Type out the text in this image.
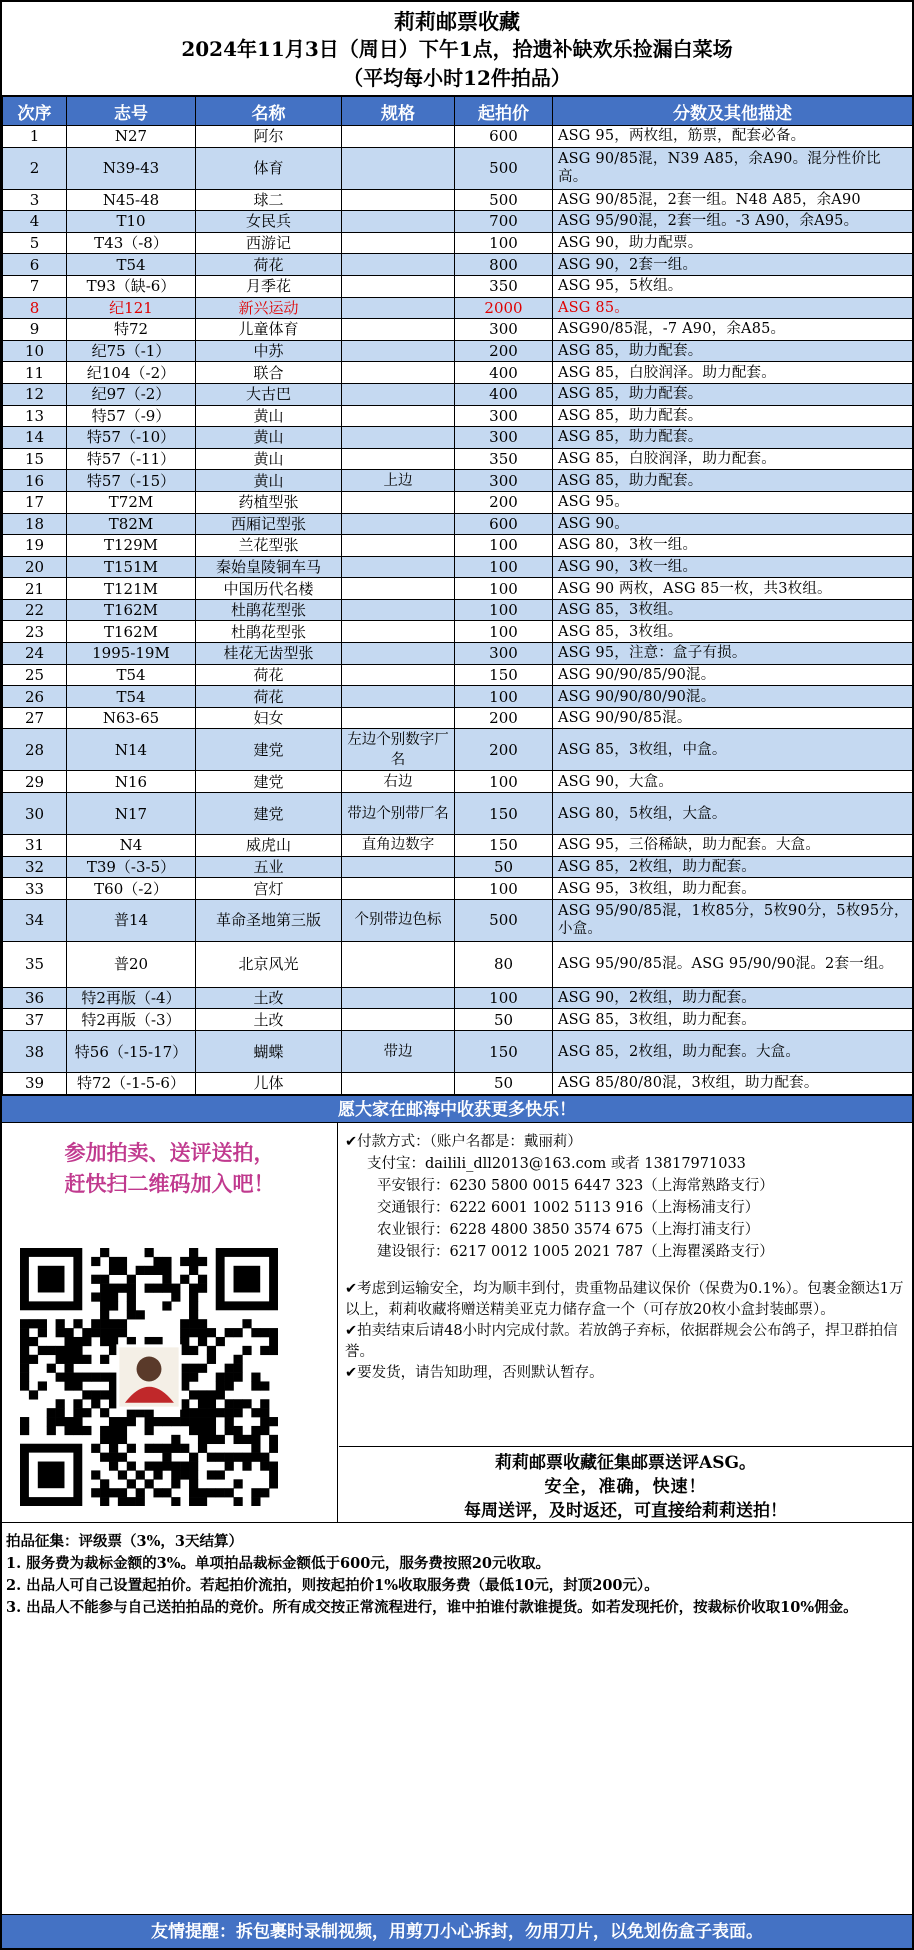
莉莉邮票收藏
2024年11月3日（周日）下午1点，拾遗补缺欢乐捡漏白菜场
（平均每小时12件拍品）
次序	志号	名称	规格	起拍价	分数及其他描述
1	N27	阿尔		600	ASG 95，两枚组，筋票，配套必备。
2	N39-43	体育		500	ASG 90/85混，N39 A85，余A90。混分性价比高。
3	N45-48	球二		500	ASG 90/85混，2套一组。N48 A85，余A90
4	T10	女民兵		700	ASG 95/90混，2套一组。-3 A90，余A95。
5	T43（-8）	西游记		100	ASG 90，助力配票。
6	T54	荷花		800	ASG 90，2套一组。
7	T93（缺-6）	月季花		350	ASG 95，5枚组。
8	纪121	新兴运动		2000	ASG 85。
9	特72	儿童体育		300	ASG90/85混，-7 A90，余A85。
10	纪75（-1）	中苏		200	ASG 85，助力配套。
11	纪104（-2）	联合		400	ASG 85，白胶润泽。助力配套。
12	纪97（-2）	大古巴		400	ASG 85，助力配套。
13	特57（-9）	黄山		300	ASG 85，助力配套。
14	特57（-10）	黄山		300	ASG 85，助力配套。
15	特57（-11）	黄山		350	ASG 85，白胶润泽，助力配套。
16	特57（-15）	黄山	上边	300	ASG 85，助力配套。
17	T72M	药植型张		200	ASG 95。
18	T82M	西厢记型张		600	ASG 90。
19	T129M	兰花型张		100	ASG 80，3枚一组。
20	T151M	秦始皇陵铜车马		100	ASG 90，3枚一组。
21	T121M	中国历代名楼		100	ASG 90 两枚，ASG 85一枚，共3枚组。
22	T162M	杜鹃花型张		100	ASG 85，3枚组。
23	T162M	杜鹃花型张		100	ASG 85，3枚组。
24	1995-19M	桂花无齿型张		300	ASG 95，注意：盒子有损。
25	T54	荷花		150	ASG 90/90/85/90混。
26	T54	荷花		100	ASG 90/90/80/90混。
27	N63-65	妇女		200	ASG 90/90/85混。
28	N14	建党	左边个别数字厂名	200	ASG 85，3枚组，中盒。
29	N16	建党	右边	100	ASG 90，大盒。
30	N17	建党	带边个别带厂名	150	ASG 80，5枚组，大盒。
31	N4	威虎山	直角边数字	150	ASG 95，三俗稀缺，助力配套。大盒。
32	T39（-3-5）	五业		50	ASG 85，2枚组，助力配套。
33	T60（-2）	宫灯		100	ASG 95，3枚组，助力配套。
34	普14	革命圣地第三版	个别带边色标	500	ASG 95/90/85混，1枚85分，5枚90分，5枚95分，小盒。
35	普20	北京风光		80	ASG 95/90/85混。ASG 95/90/90混。2套一组。
36	特2再版（-4）	土改		100	ASG 90，2枚组，助力配套。
37	特2再版（-3）	土改		50	ASG 85，3枚组，助力配套。
38	特56（-15-17）	蝴蝶	带边	150	ASG 85，2枚组，助力配套。大盒。
39	特72（-1-5-6）	儿体		50	ASG 85/80/80混，3枚组，助力配套。
愿大家在邮海中收获更多快乐！
参加拍卖、送评送拍，
赶快扫二维码加入吧！
✔付款方式：（账户名都是：戴丽莉）
支付宝：dailili_dll2013@163.com 或者 13817971033
平安银行：6230 5800 0015 6447 323（上海常熟路支行）
交通银行：6222 6001 1002 5113 916（上海杨浦支行）
农业银行：6228 4800 3850 3574 675（上海打浦支行）
建设银行：6217 0012 1005 2021 787（上海瞿溪路支行）
✔考虑到运输安全，均为顺丰到付，贵重物品建议保价（保费为0.1%）。包裹金额达1万以上，莉莉收藏将赠送精美亚克力储存盒一个（可存放20枚小盒封装邮票）。
✔拍卖结束后请48小时内完成付款。若放鸽子弃标，依据群规会公布鸽子，捍卫群拍信誉。
✔要发货，请告知助理，否则默认暂存。
莉莉邮票收藏征集邮票送评ASG。
安全，准确，快速！
每周送评，及时返还，可直接给莉莉送拍！
拍品征集：评级票（3%，3天结算）
1. 服务费为裁标金额的3%。单项拍品裁标金额低于600元，服务费按照20元收取。
2. 出品人可自己设置起拍价。若起拍价流拍，则按起拍价1%收取服务费（最低10元，封顶200元）。
3. 出品人不能参与自己送拍拍品的竞价。所有成交按正常流程进行，谁中拍谁付款谁提货。如若发现托价，按裁标价收取10%佣金。
友情提醒：拆包裹时录制视频，用剪刀小心拆封，勿用刀片，以免划伤盒子表面。
